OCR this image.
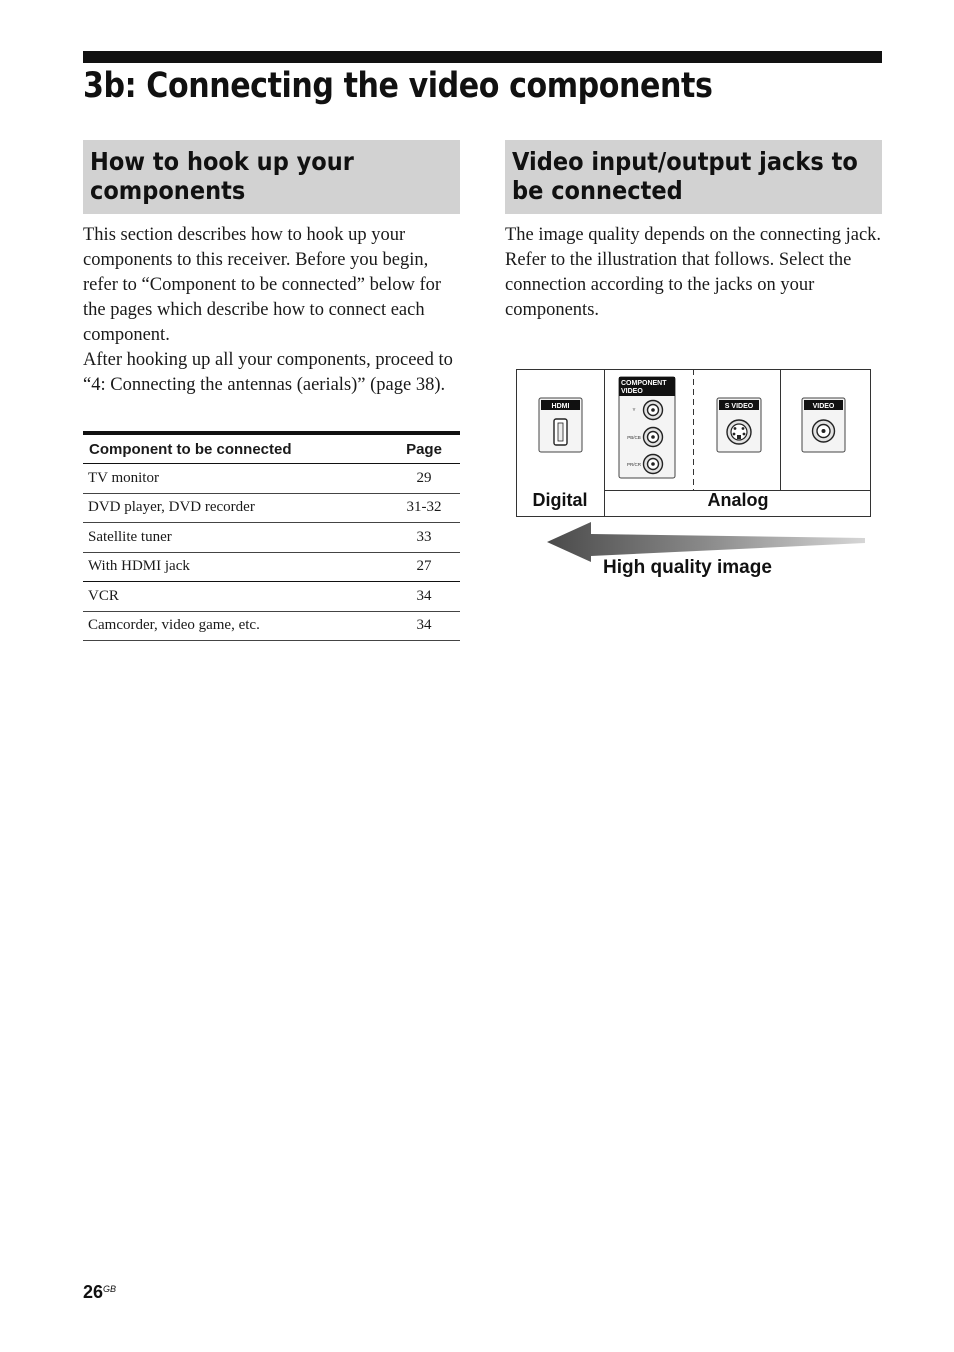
3b: Connecting the video components
How to hook up your components

This section describes how to hook up your components to this receiver. Before you begin, refer to “Component to be connected” below for the pages which describe how to connect each component.

After hooking up all your components, proceed to “4: Connecting the antennas (aerials)” (page 38).

Component to be connected	Page
TV monitor	29
DVD player, DVD recorder	31-32
Satellite tuner	33
With HDMI jack	27
VCR	34
Camcorder, video game, etc.	34
Video input/output jacks to be connected

The image quality depends on the connecting jack. Refer to the illustration that follows. Select the connection according to the jacks on your components.

HDMI
COMPONENT
VIDEO
Y
PB/CB
PR/CR
S VIDEO	VIDEO
Digital	Analog
High quality image
$26^{GB}$
